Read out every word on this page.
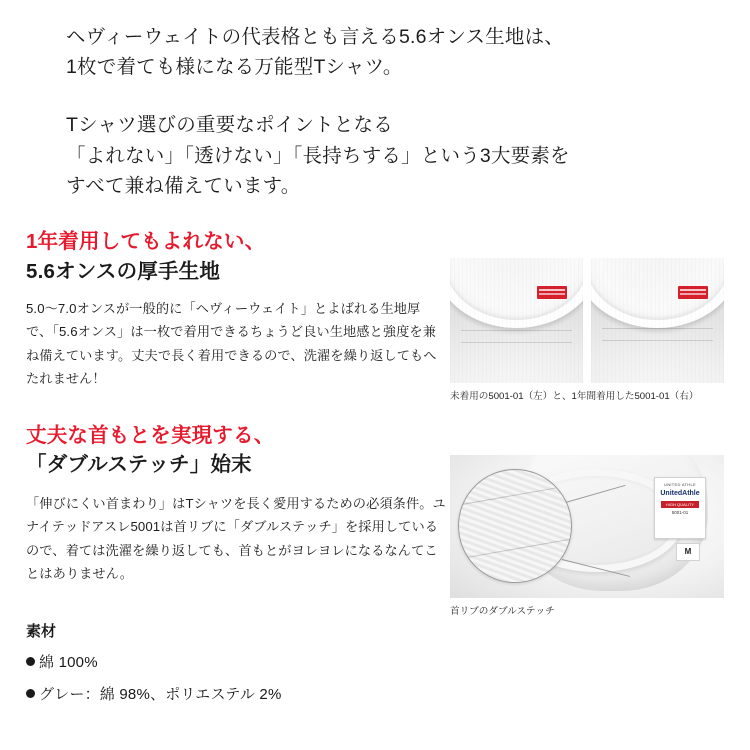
ヘヴィーウェイトの代表格とも言える5.6オンス生地は、
1枚で着ても様になる万能型Tシャツ。
Tシャツ選びの重要なポイントとなる
「よれない」「透けない」「長持ちする」という3大要素を
すべて兼ね備えています。
1年着用してもよれない、
5.6オンスの厚手生地
5.0〜7.0オンスが一般的に「ヘヴィーウェイト」とよばれる生地厚で、「5.6オンス」は一枚で着用できるちょうど良い生地感と強度を兼ね備えています。丈夫で長く着用できるので、洗濯を繰り返してもへたれません！
未着用の5001-01（左）と、1年間着用した5001-01（右）
丈夫な首もとを実現する、
「ダブルステッチ」始末
「伸びにくい首まわり」はTシャツを長く愛用するための必須条件。ユナイテッドアスレ5001は首リブに「ダブルステッチ」を採用しているので、着ては洗濯を繰り返しても、首もとがヨレヨレになるなんてことはありません。
UNITED ATHLE
UnitedAthle
HIGH QUALITY
5001-01
M
首リブのダブルステッチ
素材
綿 100%
グレー：綿 98%、ポリエステル 2%
